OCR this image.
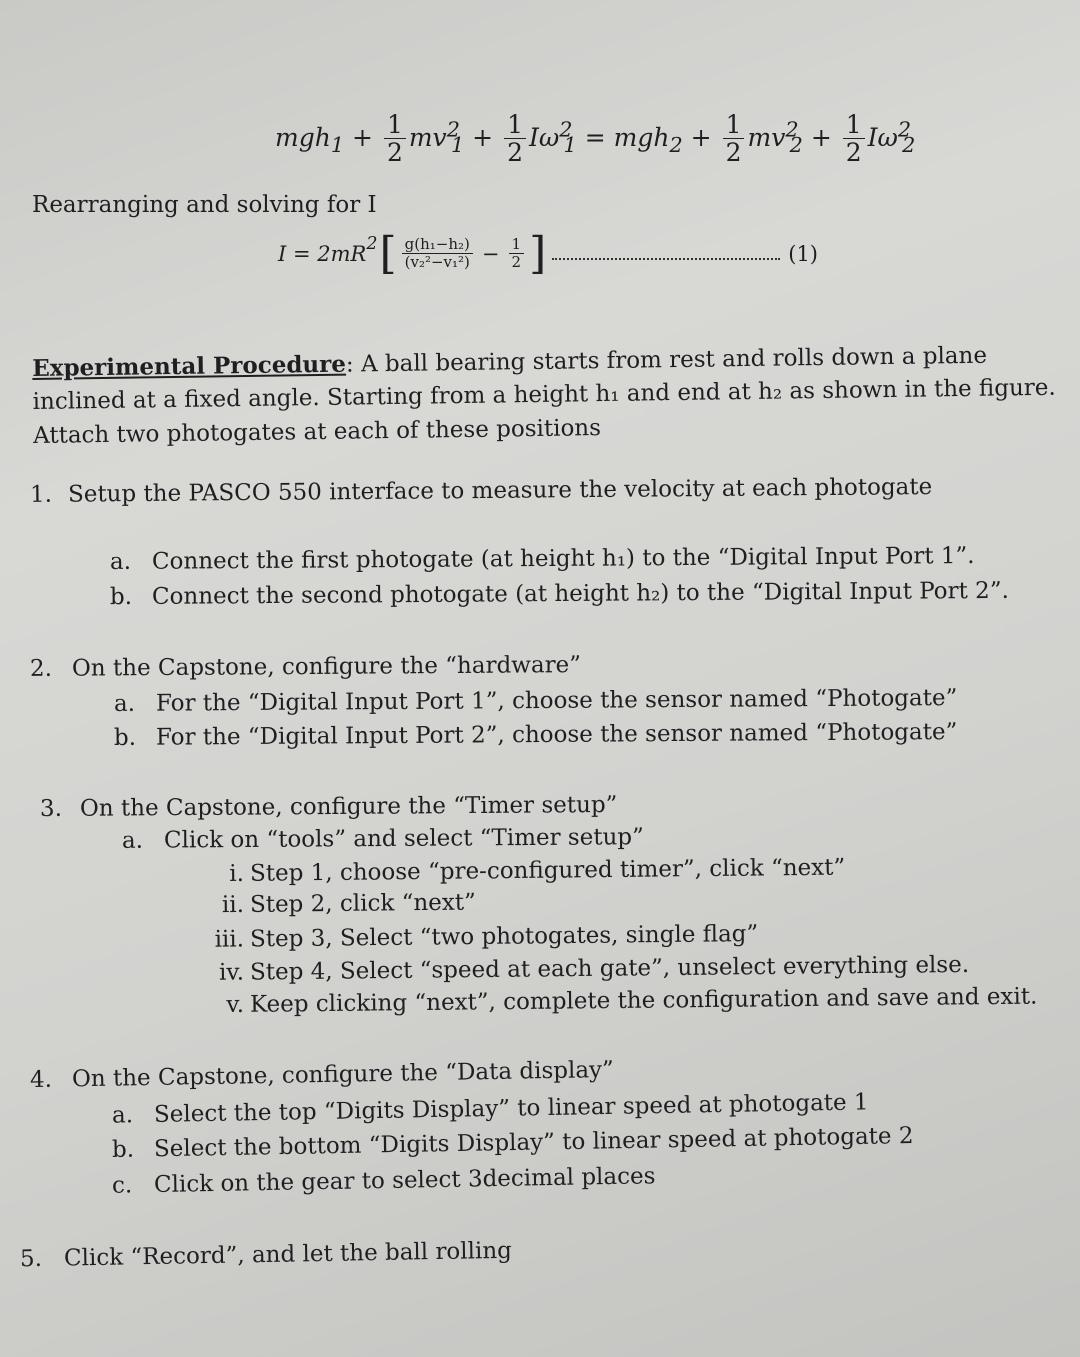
$mgh_1 + \frac{1}{2} mv^2_1 + \frac{1}{2} I\omega^2_1 = mgh_2 + \frac{1}{2} mv^2_2 + \frac{1}{2} I\omega^2_2$
Rearranging and solving for I
$I = 2mR^2$ [ $\frac{\text{g(h₁−h₂)}}{\text{(v₂²−v₁²)}} - \frac{1}{2}$ ]	(1)
Experimental Procedure: A ball bearing starts from rest and rolls down a plane inclined at a fixed angle. Starting from a height h₁ and end at h₂ as shown in the figure. Attach two photogates at each of these positions
1. Setup the PASCO 550 interface to measure the velocity at each photogate
a. Connect the first photogate (at height h₁) to the “Digital Input Port 1”.
b. Connect the second photogate (at height h₂) to the “Digital Input Port 2”.
2. On the Capstone, configure the “hardware”
a. For the “Digital Input Port 1”, choose the sensor named “Photogate”
b. For the “Digital Input Port 2”, choose the sensor named “Photogate”
3. On the Capstone, configure the “Timer setup”
a. Click on “tools” and select “Timer setup”
i. Step 1, choose “pre-configured timer”, click “next”
ii. Step 2, click “next”
iii. Step 3, Select “two photogates, single flag”
iv. Step 4, Select “speed at each gate”, unselect everything else.
v. Keep clicking “next”, complete the configuration and save and exit.
4. On the Capstone, configure the “Data display”
a. Select the top “Digits Display” to linear speed at photogate 1
b. Select the bottom “Digits Display” to linear speed at photogate 2
c. Click on the gear to select 3decimal places
5. Click “Record”, and let the ball rolling
